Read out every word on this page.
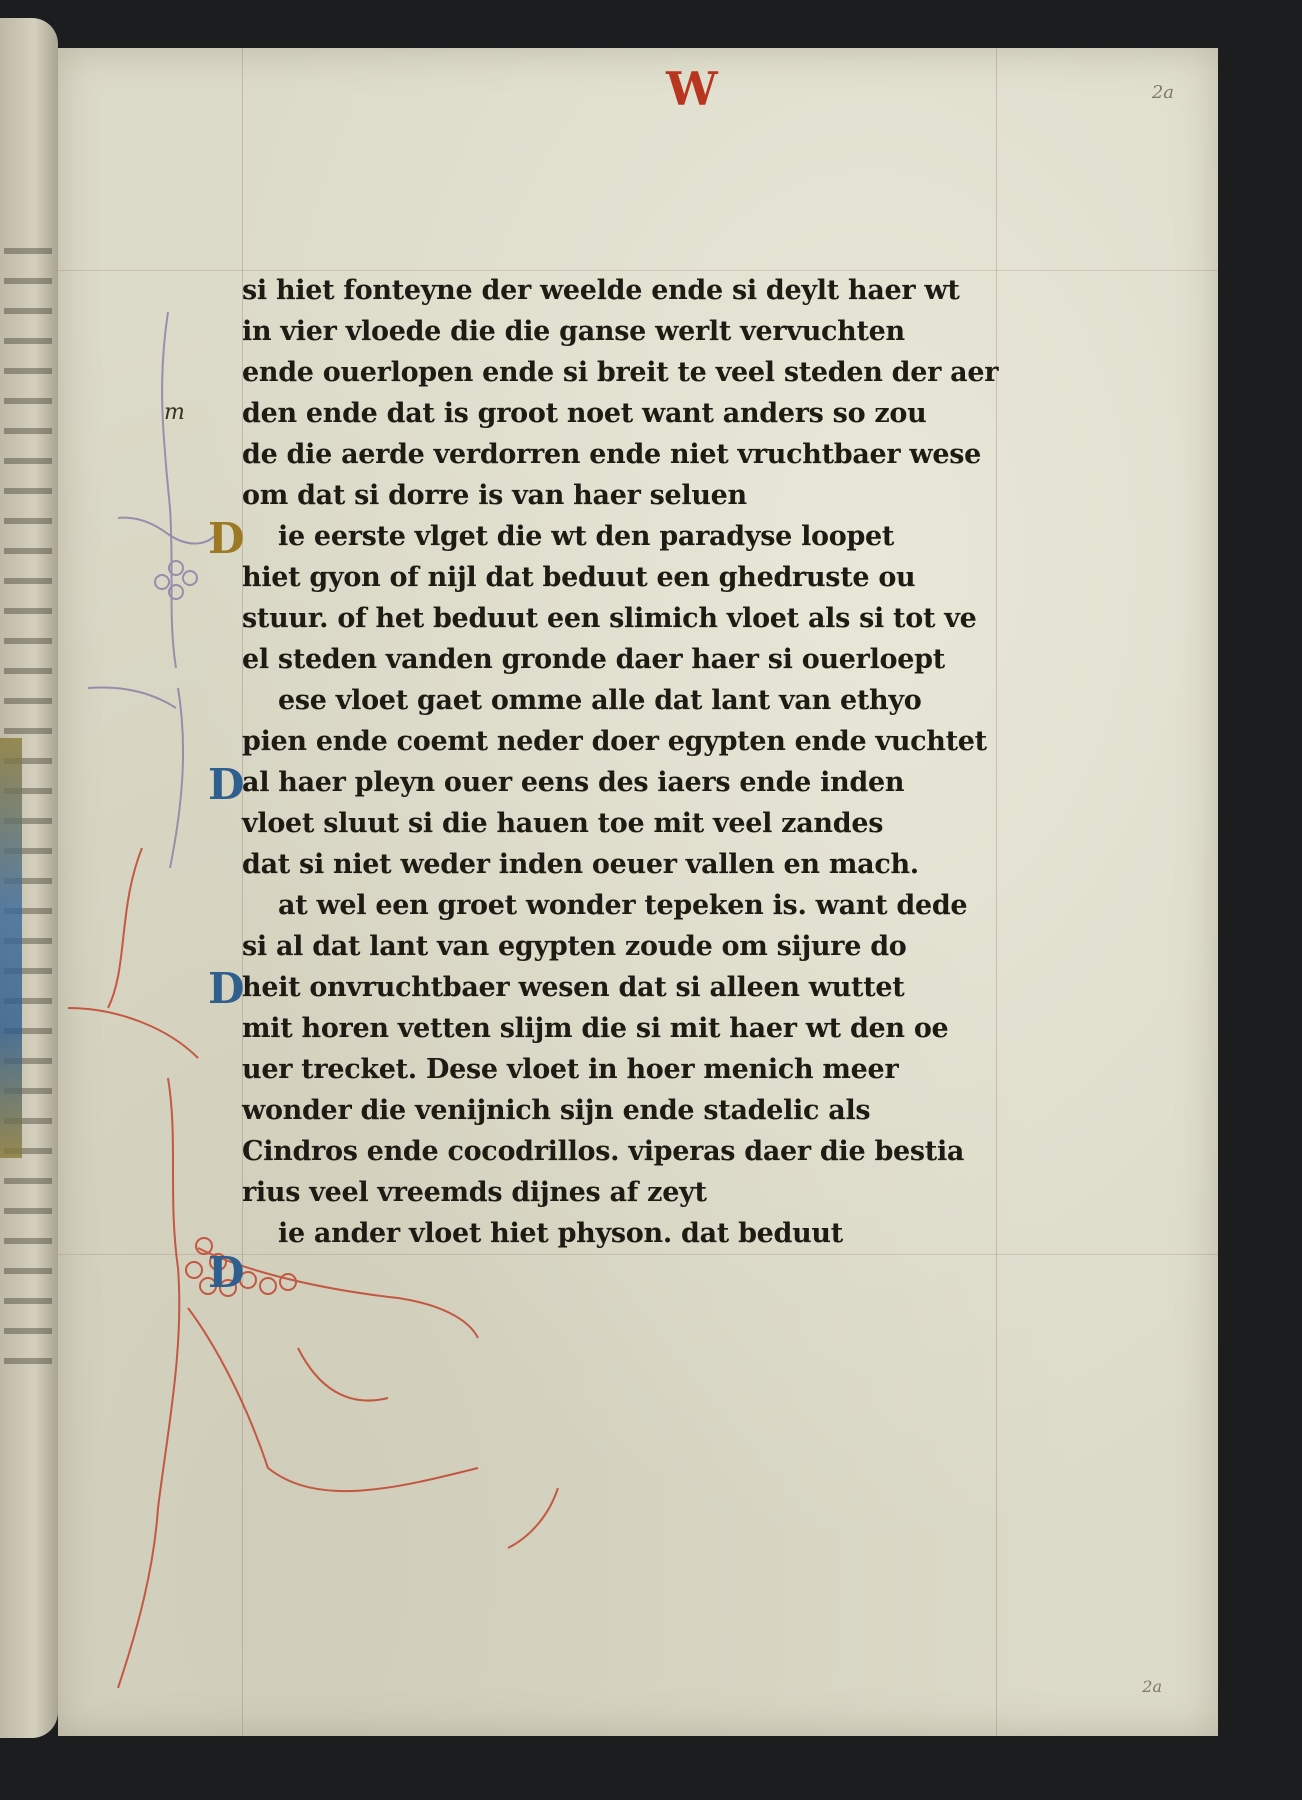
W	2a
2a
m
D
D
D
D
si hiet fonteyne der weelde ende si deylt haer wt
in vier vloede die die ganse werlt vervuchten
ende ouerlopen ende si breit te veel steden der aer
den ende dat is groot noet want anders so zou
de die aerde verdorren ende niet vruchtbaer wese
om dat si dorre is van haer seluen
ie eerste vlget die wt den paradyse loopet
hiet gyon of nijl dat beduut een ghedruste ou
stuur. of het beduut een slimich vloet als si tot ve
el steden vanden gronde daer haer si ouerloept
ese vloet gaet omme alle dat lant van ethyo
pien ende coemt neder doer egypten ende vuchtet
al haer pleyn ouer eens des iaers ende inden
vloet sluut si die hauen toe mit veel zandes
dat si niet weder inden oeuer vallen en mach.
at wel een groet wonder tepeken is. want dede
si al dat lant van egypten zoude om sijure do
heit onvruchtbaer wesen dat si alleen wuttet
mit horen vetten slijm die si mit haer wt den oe
uer trecket. Dese vloet in hoer menich meer
wonder die venijnich sijn ende stadelic als
Cindros ende cocodrillos. viperas daer die bestia
rius veel vreemds dijnes af zeyt
ie ander vloet hiet physon. dat beduut
